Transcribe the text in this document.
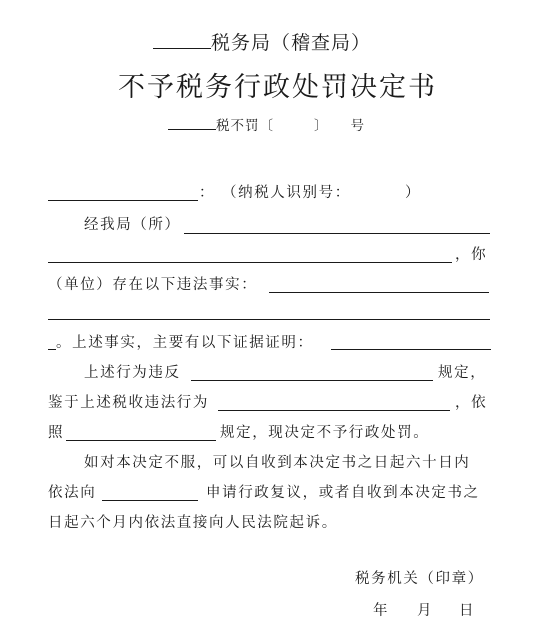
税务局（稽查局）
不予税务行政处罚决定书
税不罚〔	〕 号
： （纳税人识别号：	）
经我局（所）
，你
（单位）存在以下违法事实：
。上述事实，主要有以下证据证明：
上述行为违反	规定，
鉴于上述税收违法行为	，依
照	规定，现决定不予行政处罚。
如对本决定不服，可以自收到本决定书之日起六十日内
依法向	申请行政复议，或者自收到本决定书之
日起六个月内依法直接向人民法院起诉。
税务机关（印章）
年 月 日
